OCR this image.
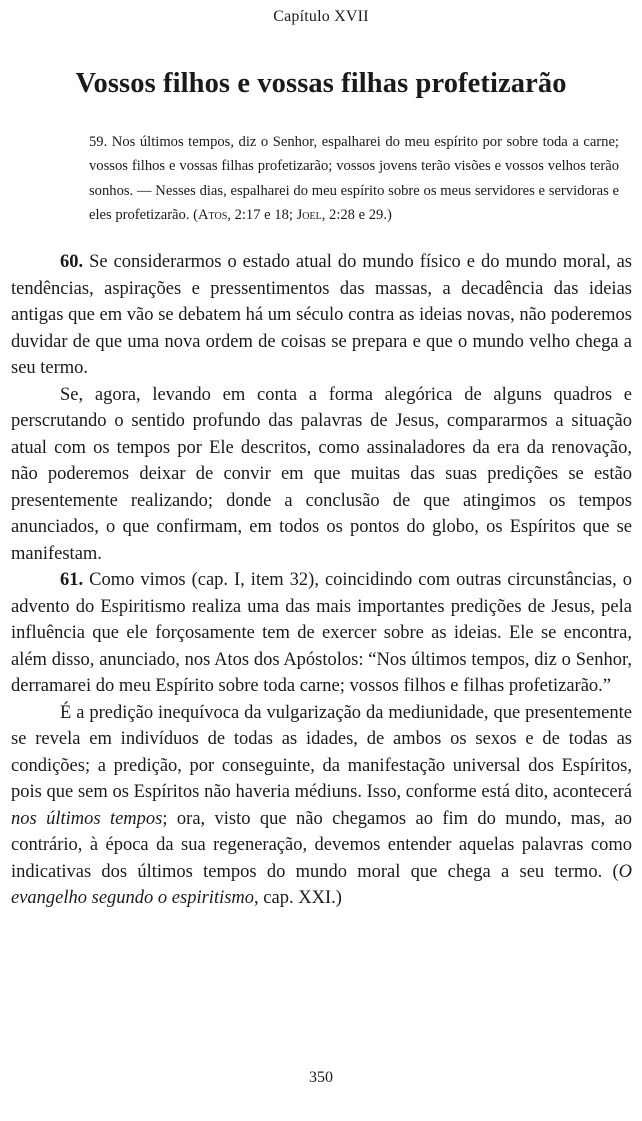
Capítulo XVII
Vossos filhos e vossas filhas profetizarão

59. Nos últimos tempos, diz o Senhor, espalharei do meu espírito por sobre toda a carne; vossos filhos e vossas filhas profetizarão; vossos jovens terão visões e vossos velhos terão sonhos. — Nesses dias, espalharei do meu espírito sobre os meus servidores e servidoras e eles profetizarão. (Atos, 2:17 e 18; Joel, 2:28 e 29.)

60. Se considerarmos o estado atual do mundo físico e do mundo moral, as tendências, aspirações e pressentimentos das massas, a decadência das ideias antigas que em vão se debatem há um século contra as ideias novas, não poderemos duvidar de que uma nova ordem de coisas se prepara e que o mundo velho chega a seu termo.

Se, agora, levando em conta a forma alegórica de alguns quadros e perscrutando o sentido profundo das palavras de Jesus, compararmos a situação atual com os tempos por Ele descritos, como assinaladores da era da renovação, não poderemos deixar de convir em que muitas das suas predições se estão presentemente realizando; donde a conclusão de que atingimos os tempos anunciados, o que confirmam, em todos os pontos do globo, os Espíritos que se manifestam.

61. Como vimos (cap. I, item 32), coincidindo com outras circunstâncias, o advento do Espiritismo realiza uma das mais importantes predições de Jesus, pela influência que ele forçosamente tem de exercer sobre as ideias. Ele se encontra, além disso, anunciado, nos Atos dos Apóstolos: “Nos últimos tempos, diz o Senhor, derramarei do meu Espírito sobre toda carne; vossos filhos e filhas profetizarão.”

É a predição inequívoca da vulgarização da mediunidade, que presentemente se revela em indivíduos de todas as idades, de ambos os sexos e de todas as condições; a predição, por conseguinte, da manifestação universal dos Espíritos, pois que sem os Espíritos não haveria médiuns. Isso, conforme está dito, acontecerá nos últimos tempos; ora, visto que não chegamos ao fim do mundo, mas, ao contrário, à época da sua regeneração, devemos entender aquelas palavras como indicativas dos últimos tempos do mundo moral que chega a seu termo. (O evangelho segundo o espiritismo, cap. XXI.)

350
